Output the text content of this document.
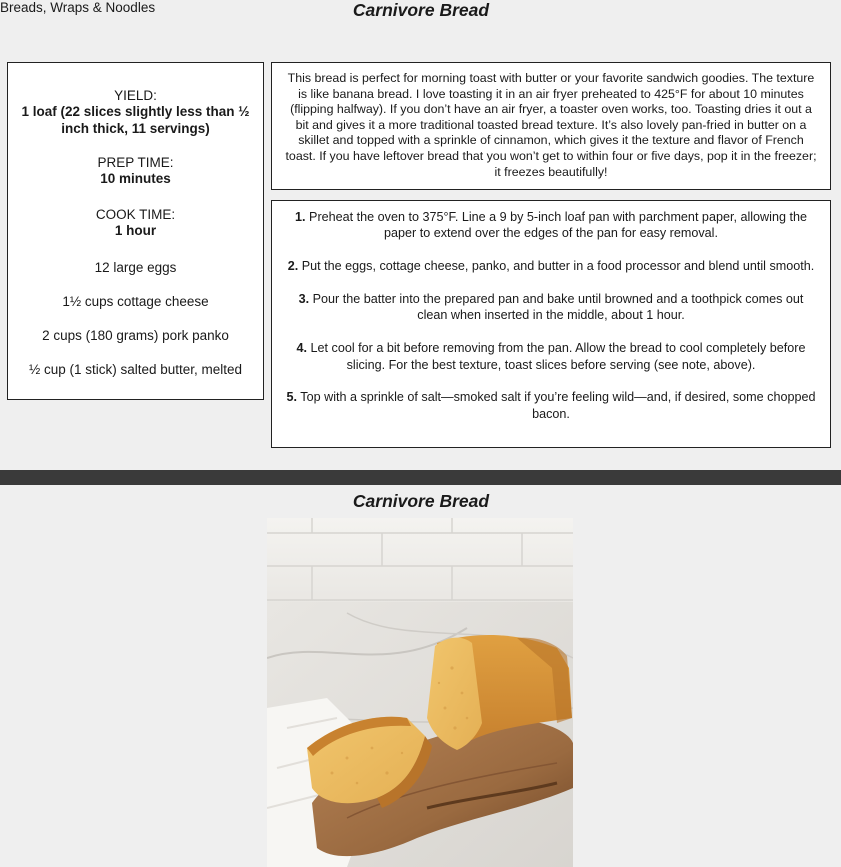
Breads, Wraps & Noodles	Carnivore Bread
YIELD:
1 loaf (22 slices slightly less than ½ inch thick, 11 servings)
PREP TIME:
10 minutes
COOK TIME:
1 hour
12 large eggs
1½ cups cottage cheese
2 cups (180 grams) pork panko
½ cup (1 stick) salted butter, melted
This bread is perfect for morning toast with butter or your favorite sandwich goodies. The texture is like banana bread. I love toasting it in an air fryer preheated to 425°F for about 10 minutes (flipping halfway). If you don’t have an air fryer, a toaster oven works, too. Toasting dries it out a bit and gives it a more traditional toasted bread texture. It’s also lovely pan-fried in butter on a skillet and topped with a sprinkle of cinnamon, which gives it the texture and flavor of French toast. If you have leftover bread that you won’t get to within four or five days, pop it in the freezer; it freezes beautifully!
1. Preheat the oven to 375°F. Line a 9 by 5-inch loaf pan with parchment paper, allowing the paper to extend over the edges of the pan for easy removal.
2. Put the eggs, cottage cheese, panko, and butter in a food processor and blend until smooth.
3. Pour the batter into the prepared pan and bake until browned and a toothpick comes out clean when inserted in the middle, about 1 hour.
4. Let cool for a bit before removing from the pan. Allow the bread to cool completely before slicing. For the best texture, toast slices before serving (see note, above).
5. Top with a sprinkle of salt—smoked salt if you’re feeling wild—and, if desired, some chopped bacon.
Carnivore Bread
